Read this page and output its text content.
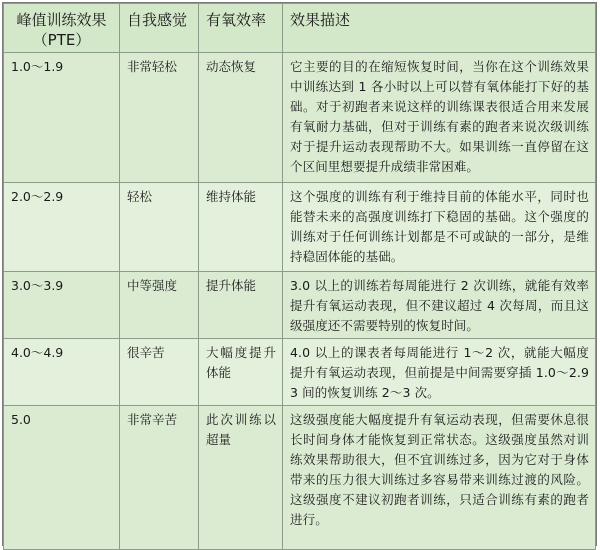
峰值训练效果（PTE）	自我感觉	有氧效率	效果描述
1.0～1.9	非常轻松	动态恢复	它主要的目的在缩短恢复时间，当你在这个训练效果中训练达到 1 各小时以上可以替有氧体能打下好的基础。对于初跑者来说这样的训练课表很适合用来发展有氧耐力基础，但对于训练有素的跑者来说次级训练对于提升运动表现帮助不大。如果训练一直停留在这个区间里想要提升成绩非常困难。
2.0～2.9	轻松	维持体能	这个强度的训练有利于维持目前的体能水平，同时也能替未来的高强度训练打下稳固的基础。这个强度的训练对于任何训练计划都是不可或缺的一部分，是维持稳固体能的基础。
3.0～3.9	中等强度	提升体能	3.0 以上的训练若每周能进行 2 次训练，就能有效率提升有氧运动表现，但不建议超过 4 次每周，而且这级强度还不需要特别的恢复时间。
4.0～4.9	很辛苦	大幅度提升体能	4.0 以上的课表者每周能进行 1～2 次，就能大幅度提升有氧运动表现，但前提是中间需要穿插 1.0～2.9 3 间的恢复训练 2～3 次。
5.0	非常辛苦	此次训练以超量	这级强度能大幅度提升有氧运动表现，但需要休息很长时间身体才能恢复到正常状态。这级强度虽然对训练效果帮助很大，但不宜训练过多，因为它对于身体带来的压力很大训练过多容易带来训练过渡的风险。这级强度不建议初跑者训练，只适合训练有素的跑者进行。
